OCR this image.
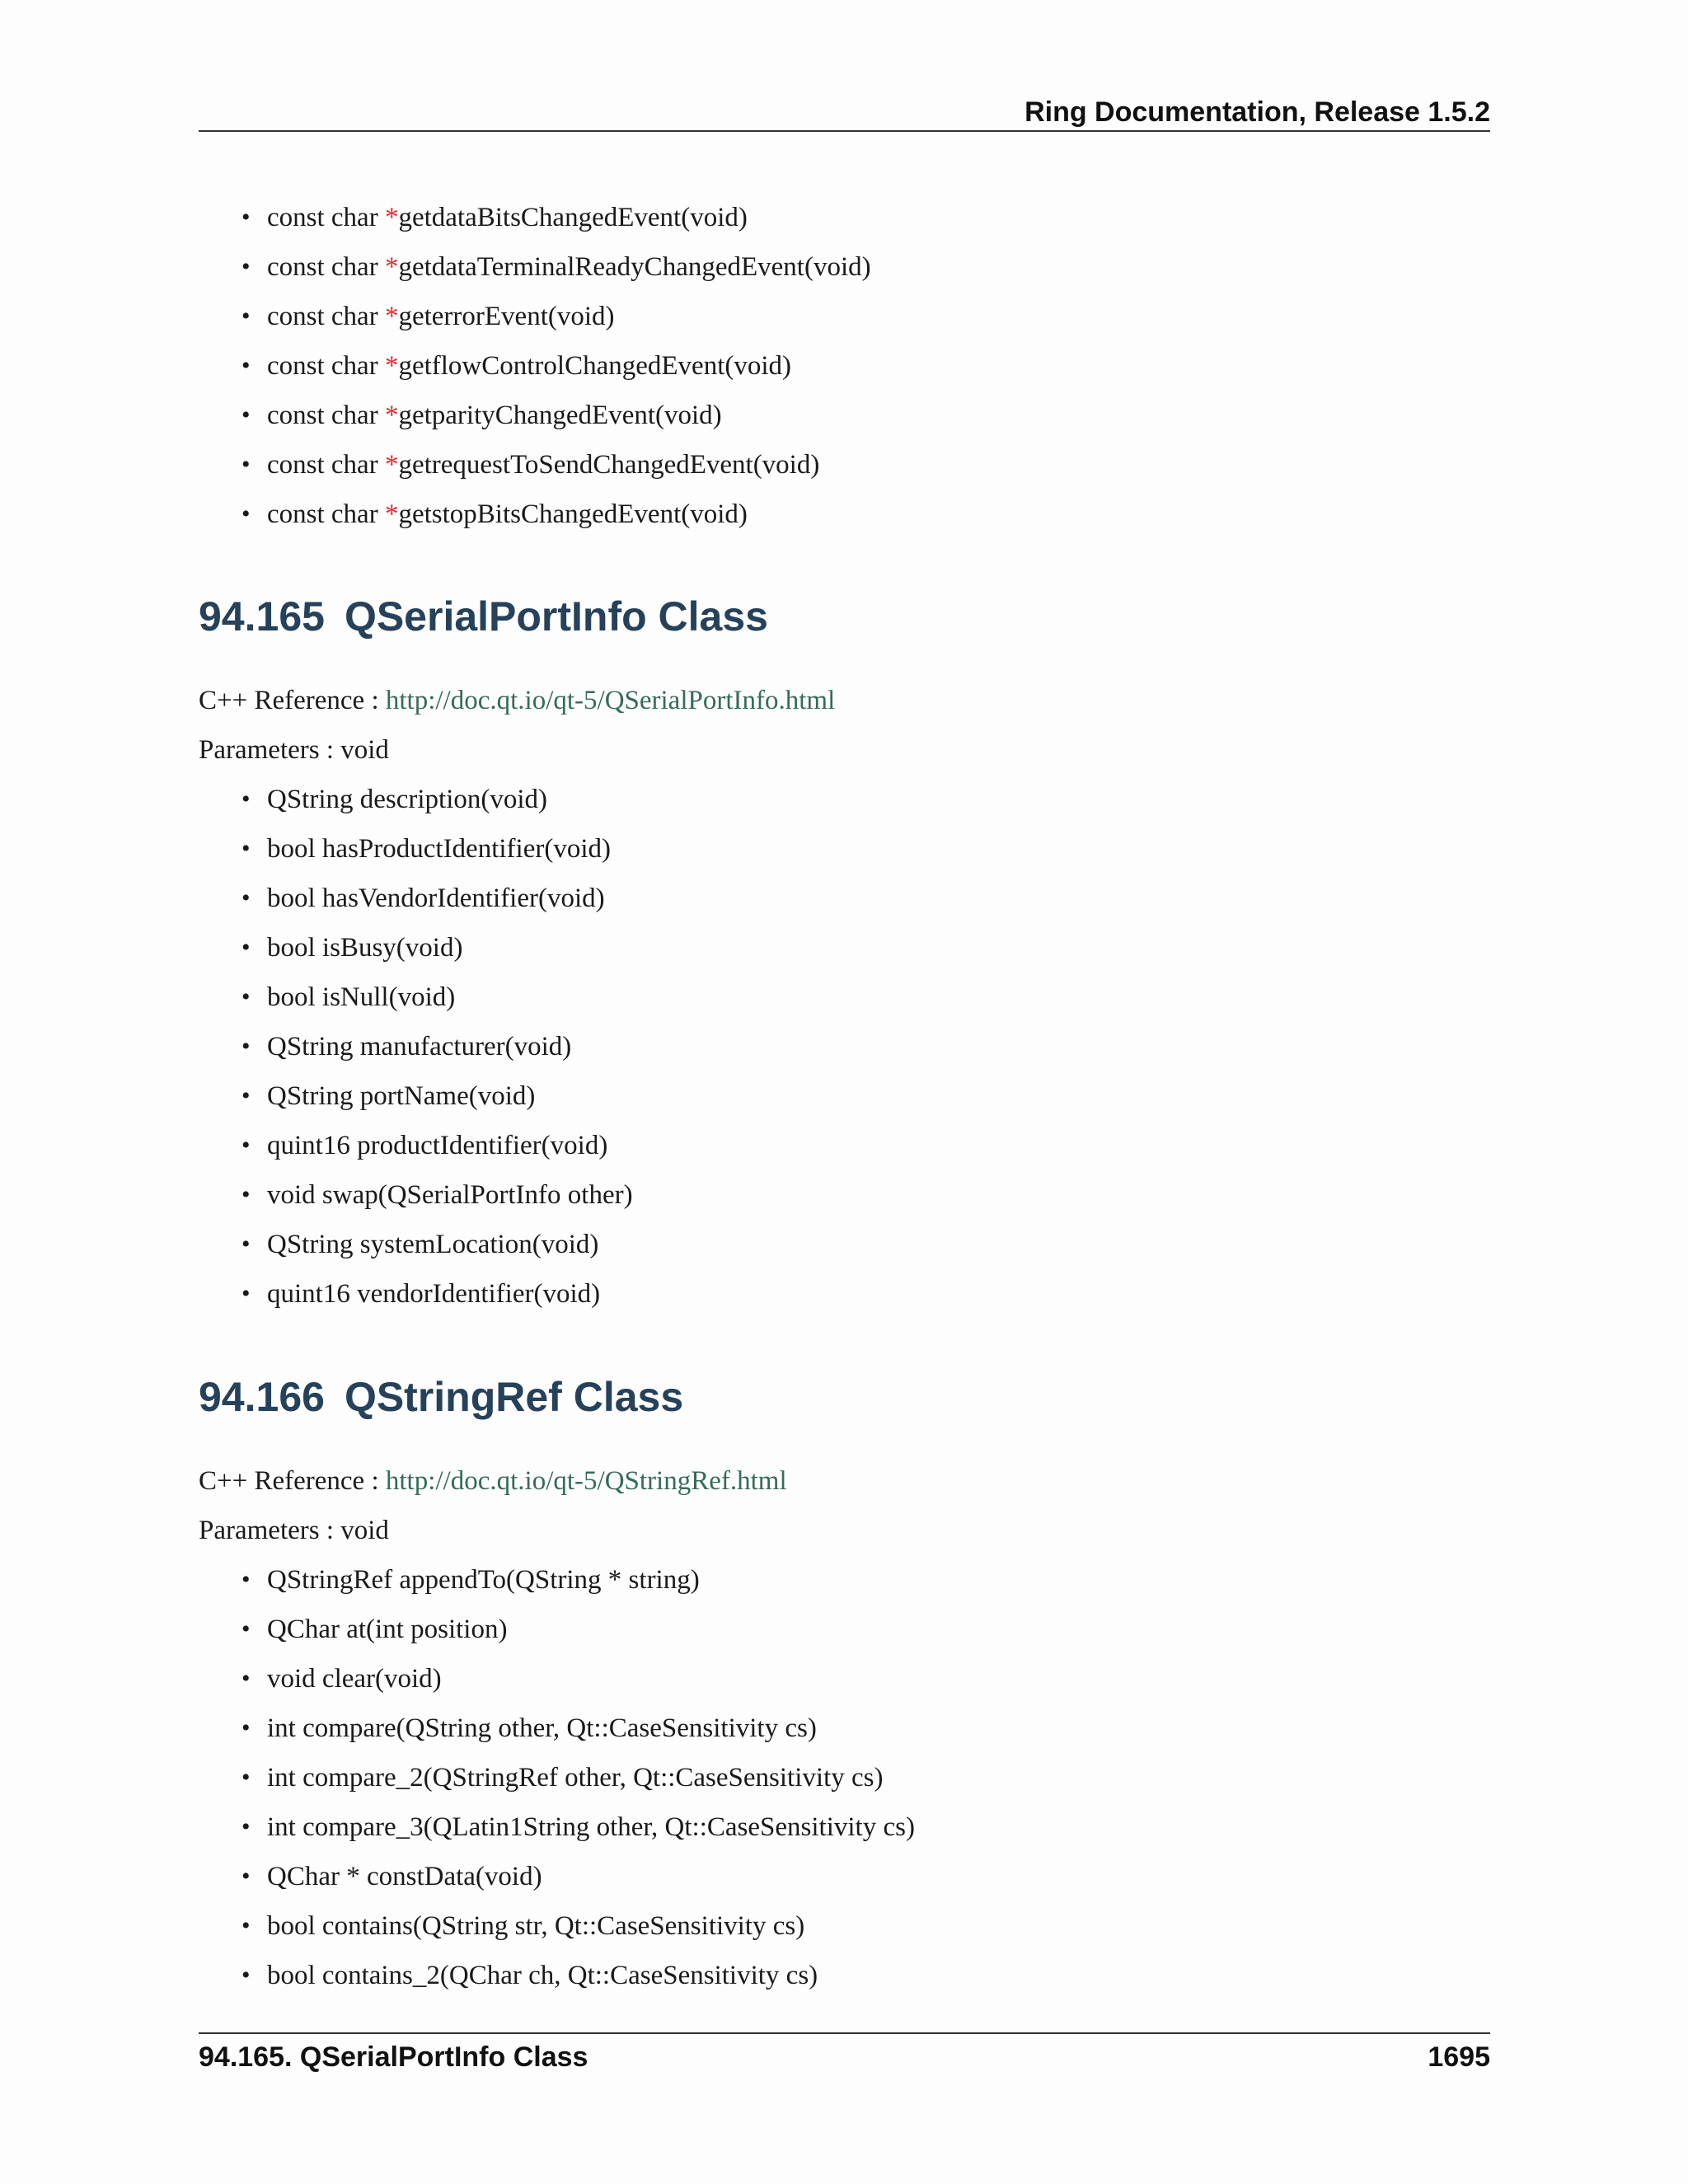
Ring Documentation, Release 1.5.2
• const char *getdataBitsChangedEvent(void)
• const char *getdataTerminalReadyChangedEvent(void)
• const char *geterrorEvent(void)
• const char *getflowControlChangedEvent(void)
• const char *getparityChangedEvent(void)
• const char *getrequestToSendChangedEvent(void)
• const char *getstopBitsChangedEvent(void)
94.165 QSerialPortInfo Class
C++ Reference : http://doc.qt.io/qt-5/QSerialPortInfo.html
Parameters : void
• QString description(void)
• bool hasProductIdentifier(void)
• bool hasVendorIdentifier(void)
• bool isBusy(void)
• bool isNull(void)
• QString manufacturer(void)
• QString portName(void)
• quint16 productIdentifier(void)
• void swap(QSerialPortInfo other)
• QString systemLocation(void)
• quint16 vendorIdentifier(void)
94.166 QStringRef Class
C++ Reference : http://doc.qt.io/qt-5/QStringRef.html
Parameters : void
• QStringRef appendTo(QString * string)
• QChar at(int position)
• void clear(void)
• int compare(QString other, Qt::CaseSensitivity cs)
• int compare_2(QStringRef other, Qt::CaseSensitivity cs)
• int compare_3(QLatin1String other, Qt::CaseSensitivity cs)
• QChar * constData(void)
• bool contains(QString str, Qt::CaseSensitivity cs)
• bool contains_2(QChar ch, Qt::CaseSensitivity cs)
94.165. QSerialPortInfo Class	1695
